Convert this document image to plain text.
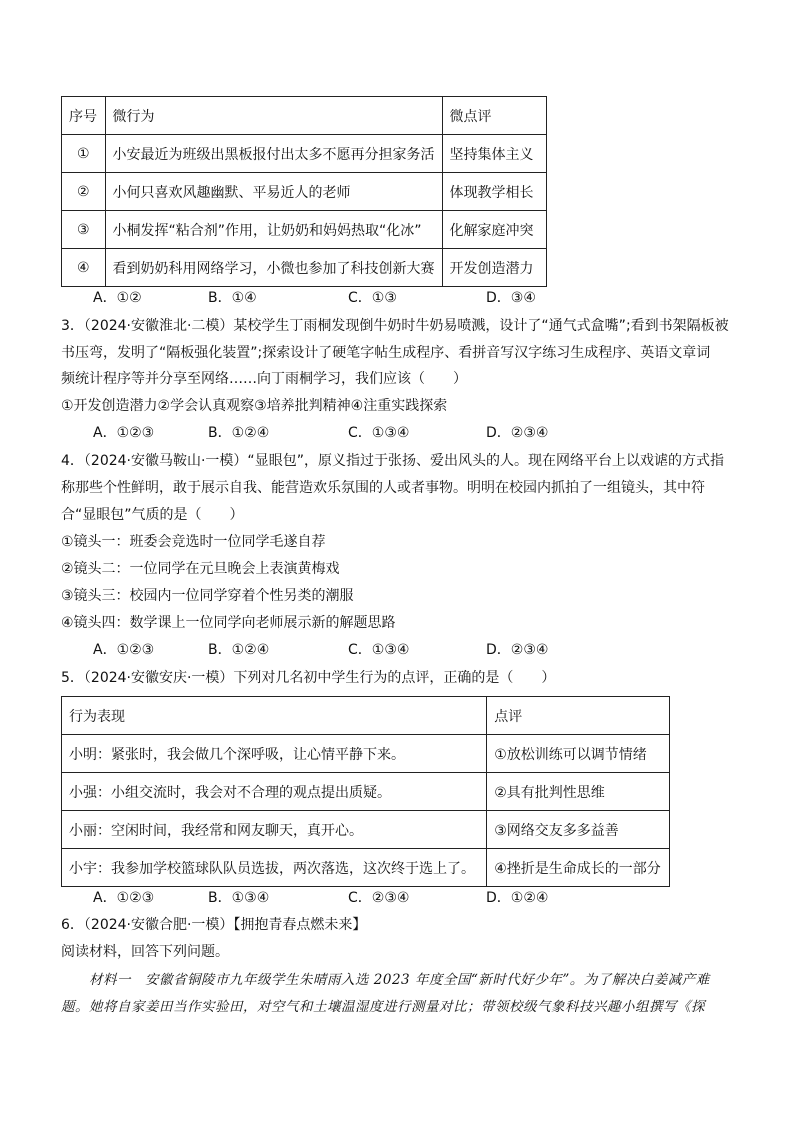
序号	微行为	微点评
①	小安最近为班级出黑板报付出太多不愿再分担家务活	坚持集体主义
②	小何只喜欢风趣幽默、平易近人的老师	体现教学相长
③	小桐发挥“粘合剂”作用，让奶奶和妈妈热取“化冰”	化解家庭冲突
④	看到奶奶科用网络学习，小微也参加了科技创新大赛	开发创造潜力
A．①②	B．①④	C．①③	D．③④
3．（2024·安徽淮北·二模）某校学生丁雨桐发现倒牛奶时牛奶易喷溅，设计了“通气式盒嘴”;看到书架隔板被
书压弯，发明了“隔板强化装置”;探索设计了硬笔字帖生成程序、看拼音写汉字练习生成程序、英语文章词
频统计程序等并分享至网络……向丁雨桐学习，我们应该（　　）
①开发创造潜力②学会认真观察③培养批判精神④注重实践探索
A．①②③	B．①②④	C．①③④	D．②③④
4．（2024·安徽马鞍山·一模）“显眼包”，原义指过于张扬、爱出风头的人。现在网络平台上以戏谑的方式指
称那些个性鲜明，敢于展示自我、能营造欢乐氛围的人或者事物。明明在校园内抓拍了一组镜头，其中符
合“显眼包”气质的是（　　）
①镜头一：班委会竞选时一位同学毛遂自荐
②镜头二：一位同学在元旦晚会上表演黄梅戏
③镜头三：校园内一位同学穿着个性另类的潮服
④镜头四：数学课上一位同学向老师展示新的解题思路
A．①②③	B．①②④	C．①③④	D．②③④
5．（2024·安徽安庆·一模）下列对几名初中学生行为的点评，正确的是（　　）
行为表现	点评
小明：紧张时，我会做几个深呼吸，让心情平静下来。	①放松训练可以调节情绪
小强：小组交流时，我会对不合理的观点提出质疑。	②具有批判性思维
小丽：空闲时间，我经常和网友聊天，真开心。	③网络交友多多益善
小宇：我参加学校篮球队队员选拔，两次落选，这次终于选上了。	④挫折是生命成长的一部分
A．①②③	B．①③④	C．②③④	D．①②④
6．（2024·安徽合肥·一模）【拥抱青春点燃未来】
阅读材料，回答下列问题。
　　材料一　安徽省铜陵市九年级学生朱晴雨入选 2023 年度全国“新时代好少年”。为了解决白姜减产难
题。她将自家姜田当作实验田，对空气和土壤温湿度进行测量对比；带领校级气象科技兴趣小组撰写《探
